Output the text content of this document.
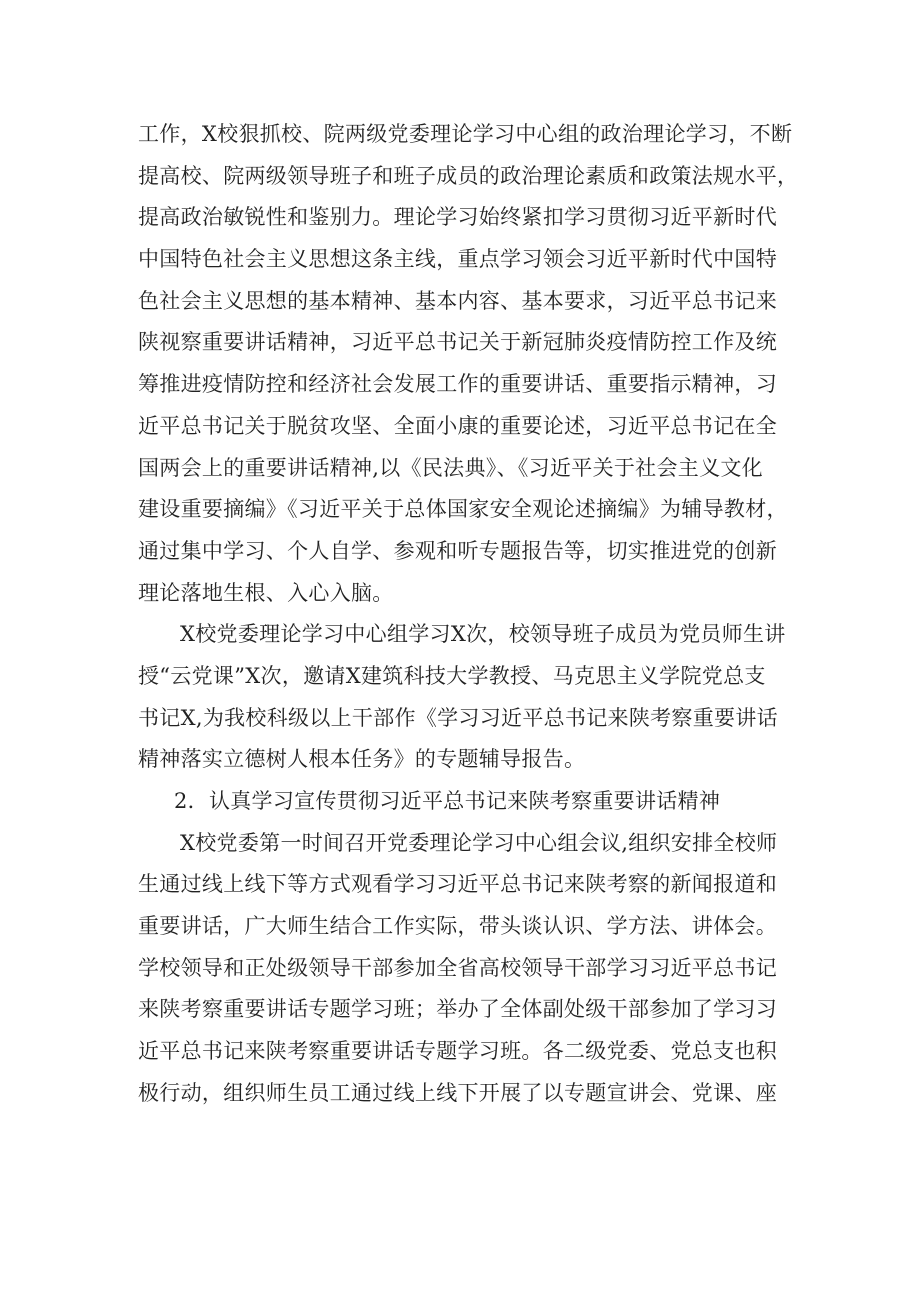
工作，X校狠抓校、院两级党委理论学习中心组的政治理论学习，不断
提高校、院两级领导班子和班子成员的政治理论素质和政策法规水平，
提高政治敏锐性和鉴别力。理论学习始终紧扣学习贯彻习近平新时代
中国特色社会主义思想这条主线，重点学习领会习近平新时代中国特
色社会主义思想的基本精神、基本内容、基本要求，习近平总书记来
陕视察重要讲话精神，习近平总书记关于新冠肺炎疫情防控工作及统
筹推进疫情防控和经济社会发展工作的重要讲话、重要指示精神，习
近平总书记关于脱贫攻坚、全面小康的重要论述，习近平总书记在全
国两会上的重要讲话精神,以《民法典》、《习近平关于社会主义文化
建设重要摘编》《习近平关于总体国家安全观论述摘编》为辅导教材，
通过集中学习、个人自学、参观和听专题报告等，切实推进党的创新
理论落地生根、入心入脑。
X校党委理论学习中心组学习X次，校领导班子成员为党员师生讲
授“云党课”X次，邀请X建筑科技大学教授、马克思主义学院党总支
书记X,为我校科级以上干部作《学习习近平总书记来陕考察重要讲话
精神落实立德树人根本任务》的专题辅导报告。
2．认真学习宣传贯彻习近平总书记来陕考察重要讲话精神
X校党委第一时间召开党委理论学习中心组会议,组织安排全校师
生通过线上线下等方式观看学习习近平总书记来陕考察的新闻报道和
重要讲话，广大师生结合工作实际，带头谈认识、学方法、讲体会。
学校领导和正处级领导干部参加全省高校领导干部学习习近平总书记
来陕考察重要讲话专题学习班；举办了全体副处级干部参加了学习习
近平总书记来陕考察重要讲话专题学习班。各二级党委、党总支也积
极行动，组织师生员工通过线上线下开展了以专题宣讲会、党课、座
